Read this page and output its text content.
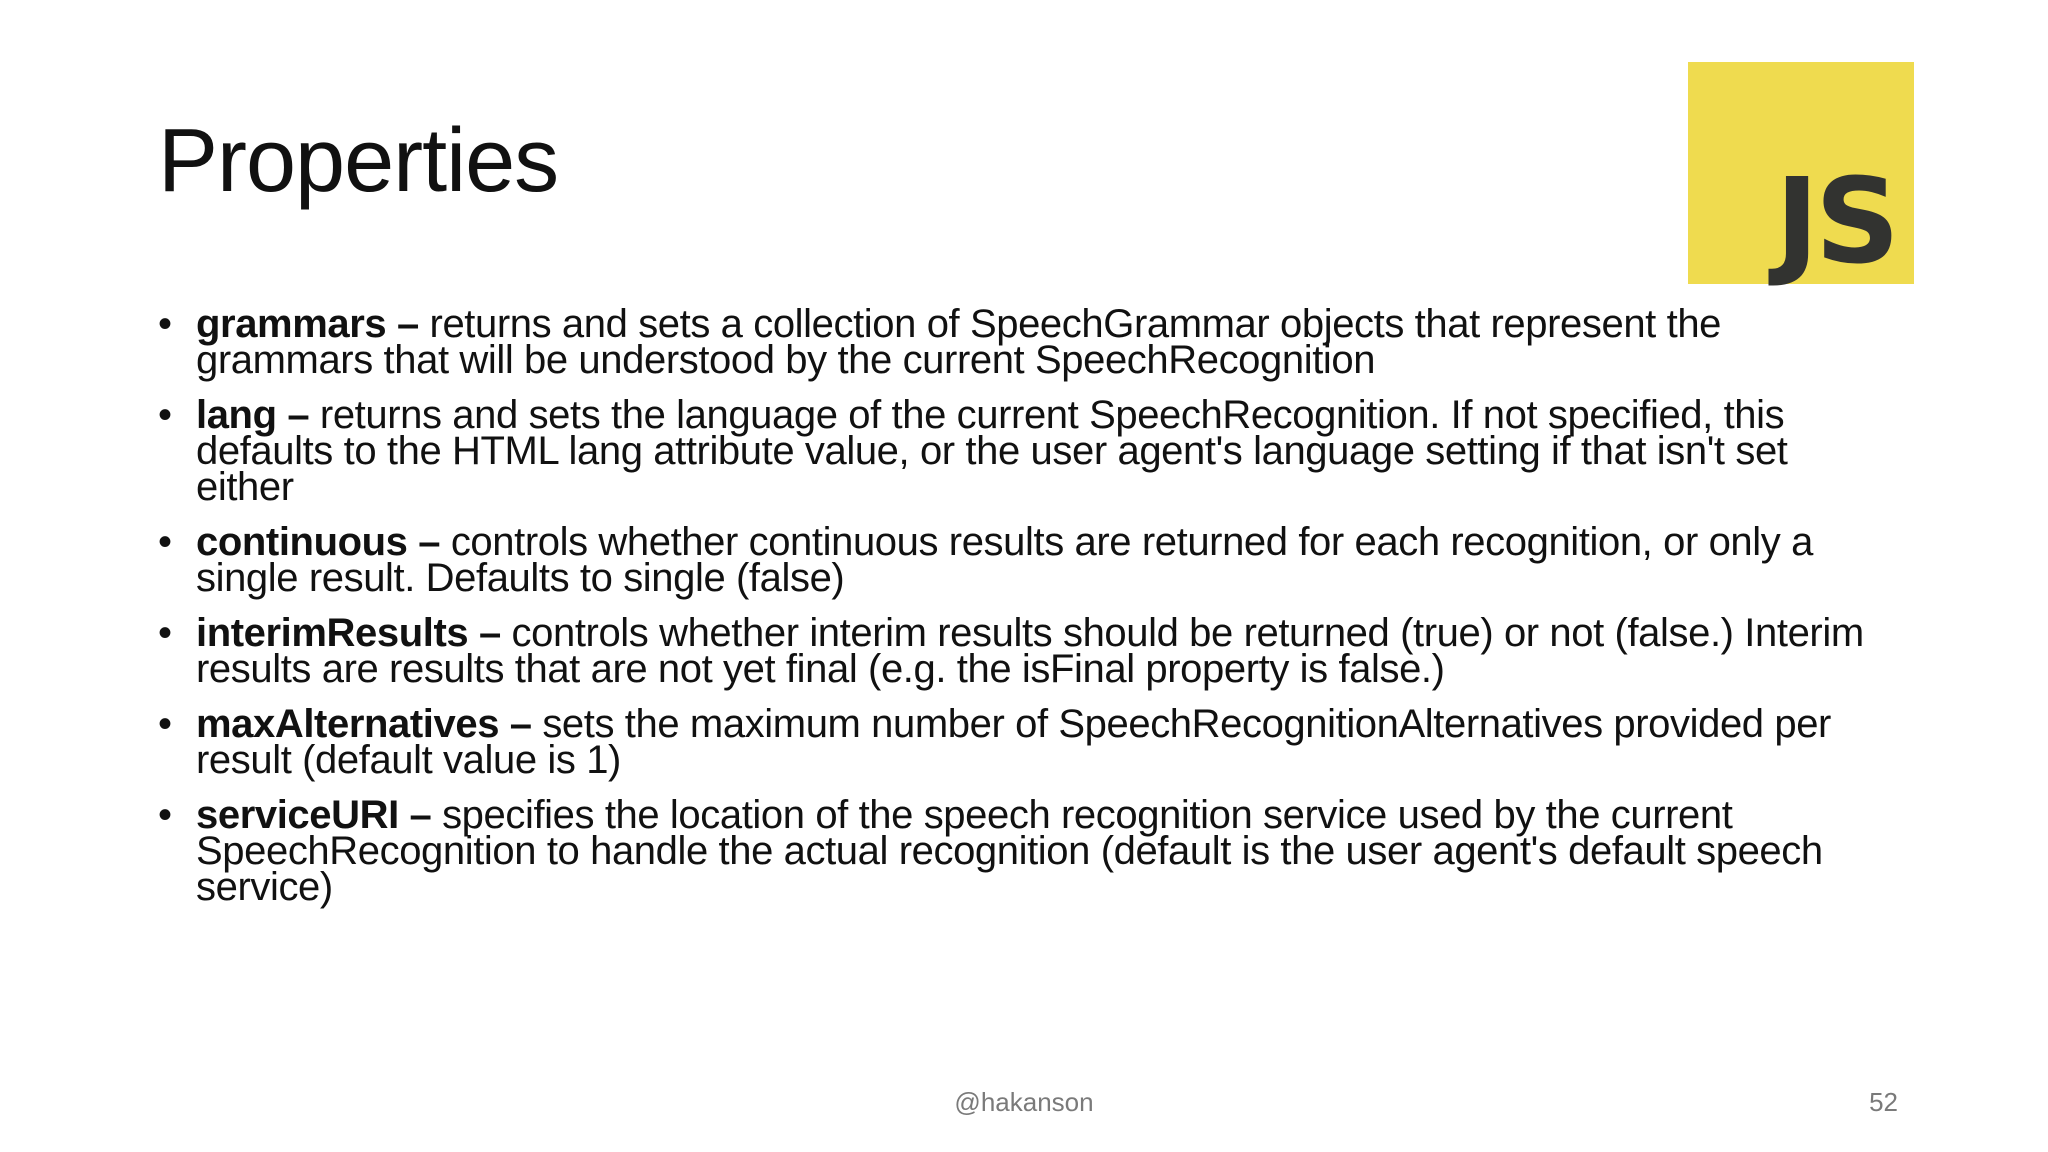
Properties	JS
• grammars – returns and sets a collection of SpeechGrammar objects that represent the grammars that will be understood by the current SpeechRecognition
• lang – returns and sets the language of the current SpeechRecognition. If not specified, this defaults to the HTML lang attribute value, or the user agent's language setting if that isn't set either
• continuous – controls whether continuous results are returned for each recognition, or only a single result. Defaults to single (false)
• interimResults – controls whether interim results should be returned (true) or not (false.) Interim results are results that are not yet final (e.g. the isFinal property is false.)
• maxAlternatives – sets the maximum number of SpeechRecognitionAlternatives provided per result (default value is 1)
• serviceURI – specifies the location of the speech recognition service used by the current SpeechRecognition to handle the actual recognition (default is the user agent's default speech service)
@hakanson	52
